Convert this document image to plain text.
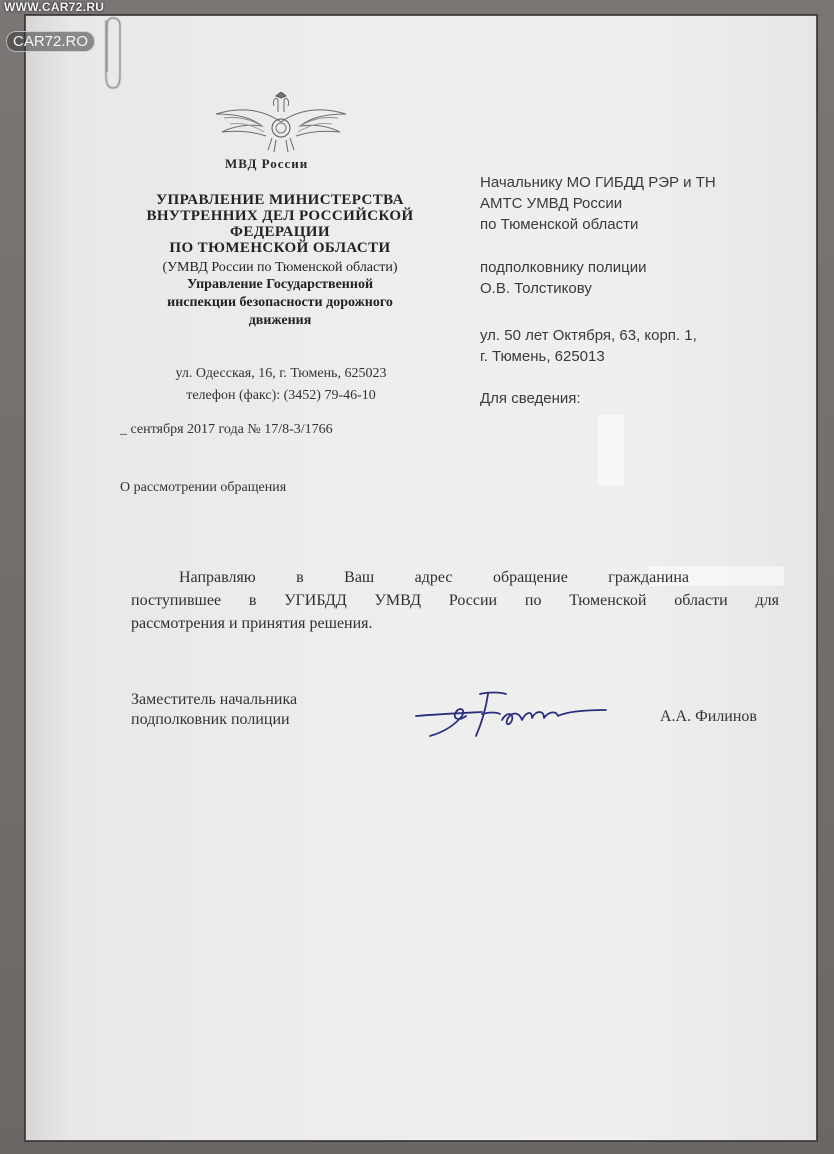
WWW.CAR72.RU
CAR72.RO
МВД России
УПРАВЛЕНИЕ МИНИСТЕРСТВА
ВНУТРЕННИХ ДЕЛ РОССИЙСКОЙ
ФЕДЕРАЦИИ
ПО ТЮМЕНСКОЙ ОБЛАСТИ
(УМВД России по Тюменской области)
Управление Государственной
инспекции безопасности дорожного
движения
ул. Одесская, 16, г. Тюмень, 625023
телефон (факс): (3452) 79-46-10
_ сентября 2017 года № 17/8-3/1766
О рассмотрении обращения
Начальнику МО ГИБДД РЭР и ТН
АМТС УМВД России
по Тюменской области
подполковнику полиции
О.В. Толстикову
ул. 50 лет Октября, 63, корп. 1,
г. Тюмень, 625013
Для сведения:
Направляю	в	Ваш	адрес	обращение	гражданина
поступившее в УГИБДД УМВД России по Тюменской области для
рассмотрения и принятия решения.
Заместитель начальника
подполковник полиции	А.А. Филинов
